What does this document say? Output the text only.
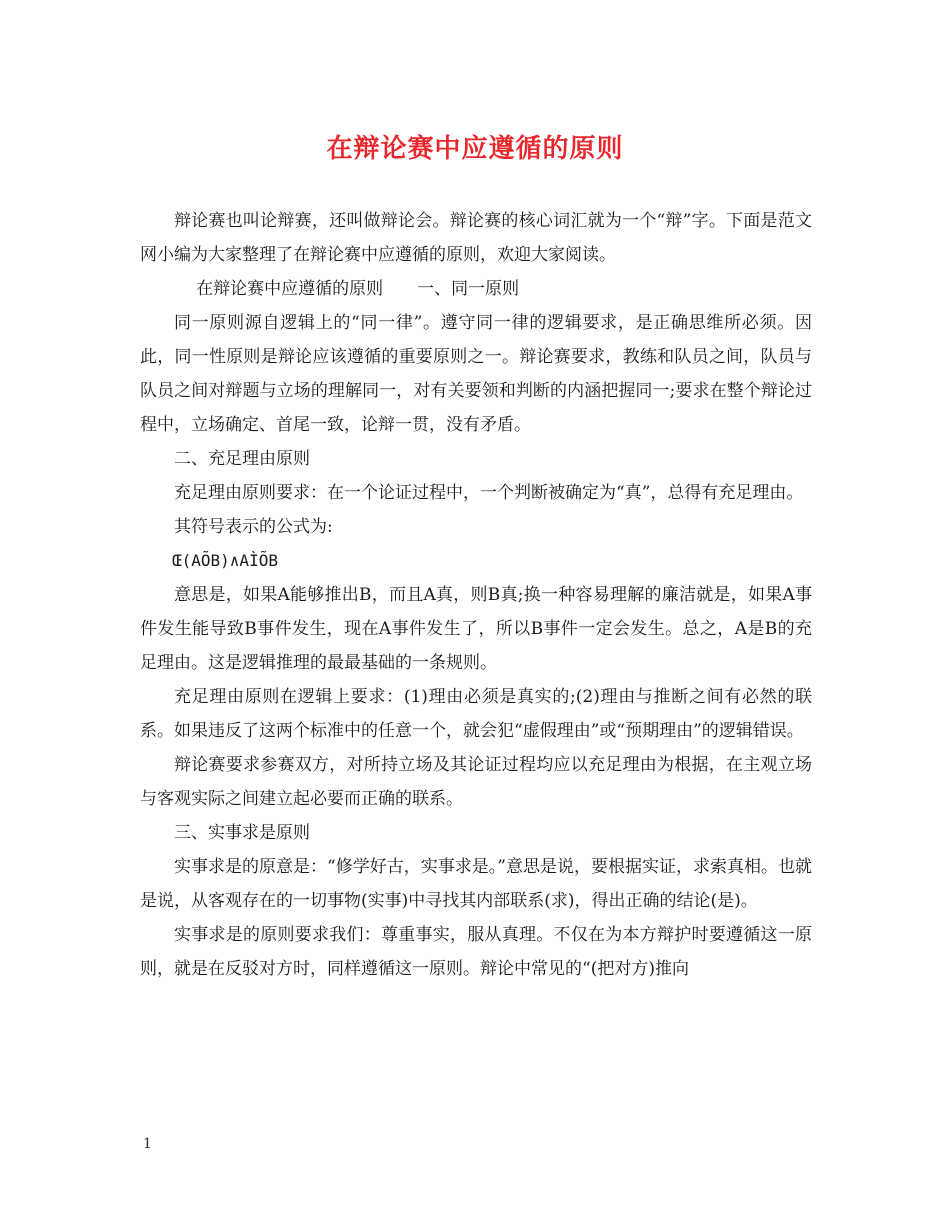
在辩论赛中应遵循的原则

辩论赛也叫论辩赛，还叫做辩论会。辩论赛的核心词汇就为一个“辩”字。下面是范文网小编为大家整理了在辩论赛中应遵循的原则，欢迎大家阅读。

在辩论赛中应遵循的原则　　一、同一原则

同一原则源自逻辑上的“同一律”。遵守同一律的逻辑要求，是正确思维所必须。因此，同一性原则是辩论应该遵循的重要原则之一。辩论赛要求，教练和队员之间，队员与队员之间对辩题与立场的理解同一，对有关要领和判断的内涵把握同一;要求在整个辩论过程中，立场确定、首尾一致，论辩一贯，没有矛盾。

二、充足理由原则

充足理由原则要求：在一个论证过程中，一个判断被确定为“真”，总得有充足理由。

其符号表示的公式为:

Œ(AÕB)∧AÌÕB

意思是，如果A能够推出B，而且A真，则B真;换一种容易理解的廉洁就是，如果A事件发生能导致B事件发生，现在A事件发生了，所以B事件一定会发生。总之，A是B的充足理由。这是逻辑推理的最最基础的一条规则。

充足理由原则在逻辑上要求：(1)理由必须是真实的;(2)理由与推断之间有必然的联系。如果违反了这两个标准中的任意一个，就会犯“虚假理由”或“预期理由”的逻辑错误。

辩论赛要求参赛双方，对所持立场及其论证过程均应以充足理由为根据，在主观立场与客观实际之间建立起必要而正确的联系。

三、实事求是原则

实事求是的原意是：“修学好古，实事求是。”意思是说，要根据实证，求索真相。也就是说，从客观存在的一切事物(实事)中寻找其内部联系(求)，得出正确的结论(是)。

实事求是的原则要求我们：尊重事实，服从真理。不仅在为本方辩护时要遵循这一原则，就是在反驳对方时，同样遵循这一原则。辩论中常见的“(把对方)推向

1
